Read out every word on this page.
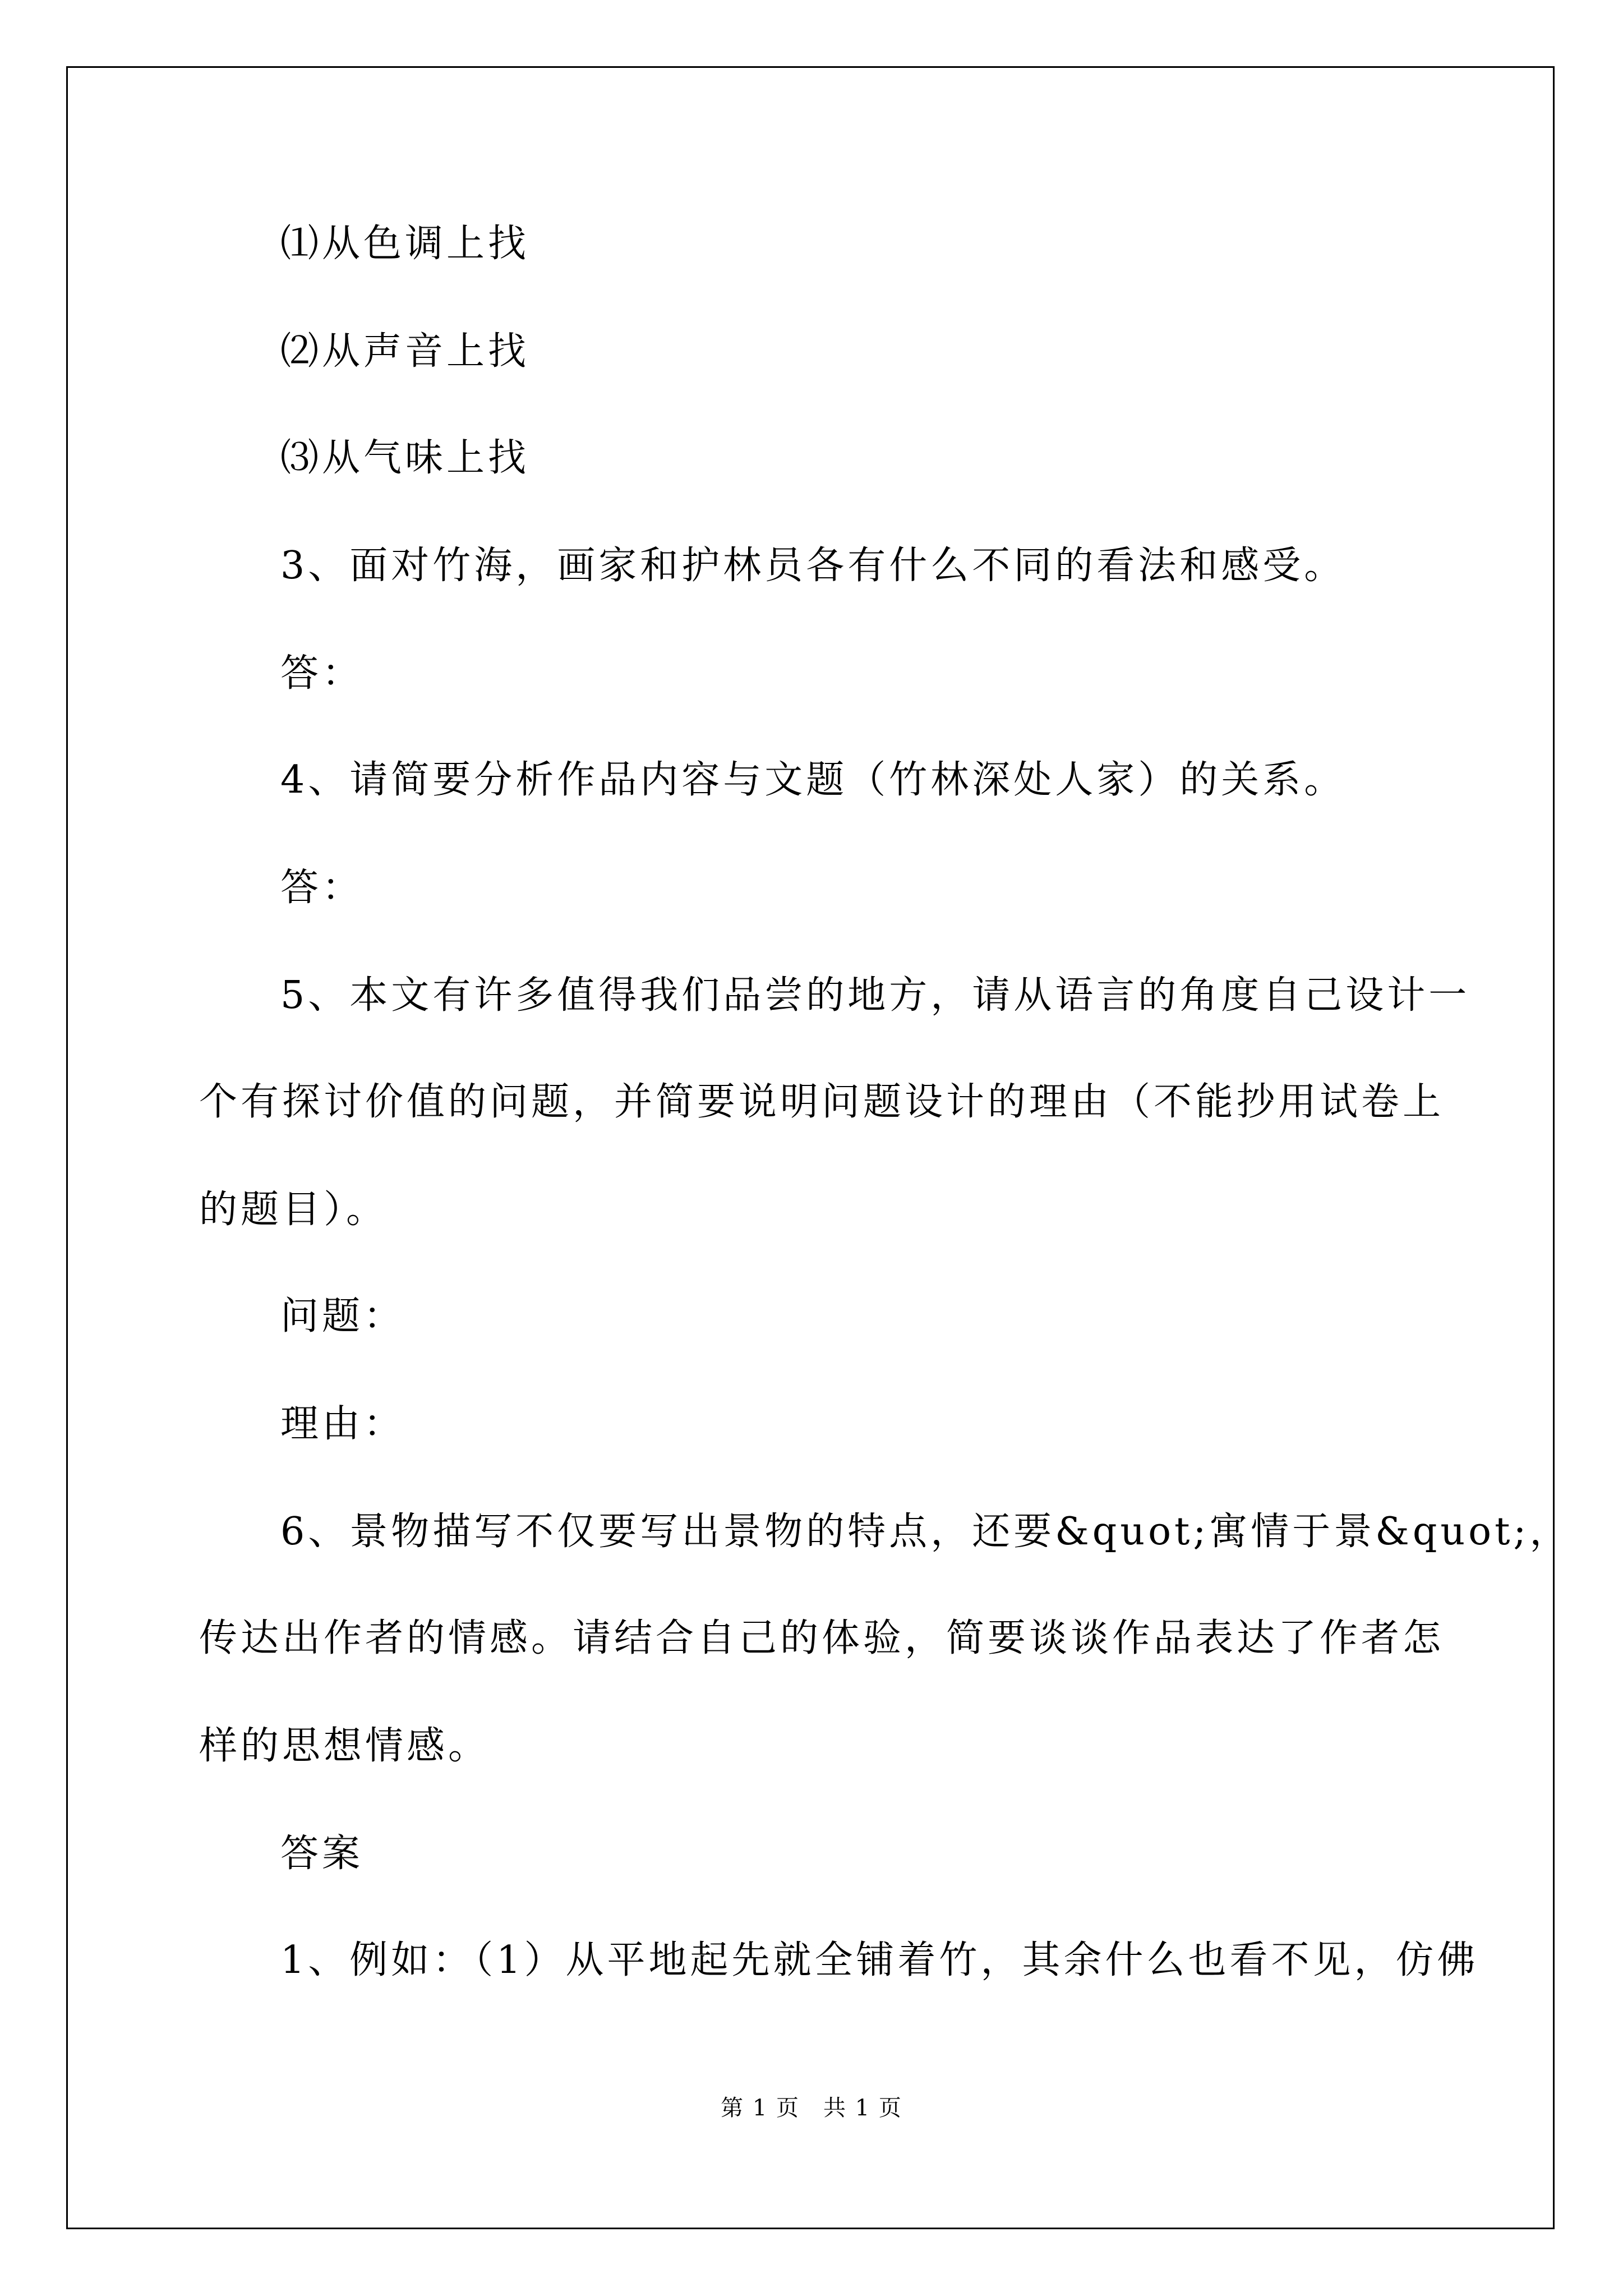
⑴从色调上找
⑵从声音上找
⑶从气味上找
3、面对竹海，画家和护林员各有什么不同的看法和感受。
答：
4、请简要分析作品内容与文题（竹林深处人家）的关系。
答：
5、本文有许多值得我们品尝的地方，请从语言的角度自己设计一
个有探讨价值的问题，并简要说明问题设计的理由（不能抄用试卷上
的题目）。
问题：
理由：
6、景物描写不仅要写出景物的特点，还要&quot;寓情于景&quot;，
传达出作者的情感。请结合自己的体验，简要谈谈作品表达了作者怎
样的思想情感。
答案
1、例如：（1）从平地起先就全铺着竹，其余什么也看不见，仿佛
第 1 页　共 1 页
